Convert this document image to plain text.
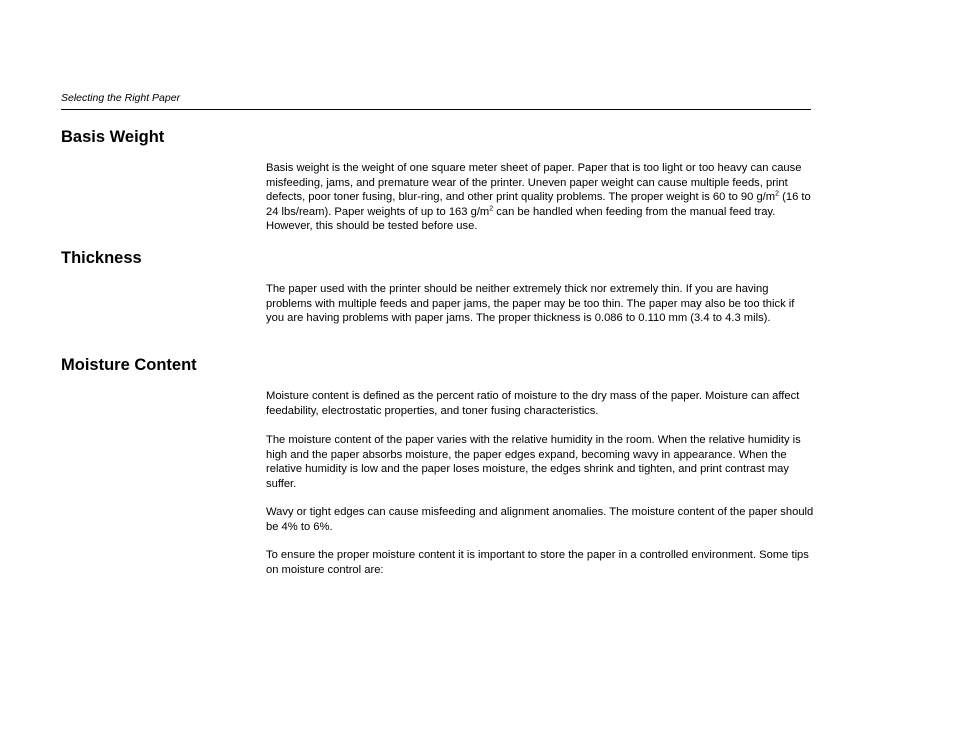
Selecting the Right Paper
Basis Weight

Basis weight is the weight of one square meter sheet of paper. Paper that is too light or too heavy can cause misfeeding, jams, and premature wear of the printer. Uneven paper weight can cause multiple feeds, print defects, poor toner fusing, blur-ring, and other print quality problems. The proper weight is 60 to 90 $g/m^2$ (16 to 24 lbs/ream). Paper weights of up to 163 $g/m^2$ can be handled when feeding from the manual feed tray. However, this should be tested before use.

Thickness

The paper used with the printer should be neither extremely thick nor extremely thin. If you are having problems with multiple feeds and paper jams, the paper may be too thin. The paper may also be too thick if you are having problems with paper jams. The proper thickness is 0.086 to 0.110 mm (3.4 to 4.3 mils).

Moisture Content

Moisture content is defined as the percent ratio of moisture to the dry mass of the paper. Moisture can affect feedability, electrostatic properties, and toner fusing characteristics.

The moisture content of the paper varies with the relative humidity in the room. When the relative humidity is high and the paper absorbs moisture, the paper edges expand, becoming wavy in appearance. When the relative humidity is low and the paper loses moisture, the edges shrink and tighten, and print contrast may suffer.

Wavy or tight edges can cause misfeeding and alignment anomalies. The moisture content of the paper should be 4% to 6%.

To ensure the proper moisture content it is important to store the paper in a controlled environment. Some tips on moisture control are:
